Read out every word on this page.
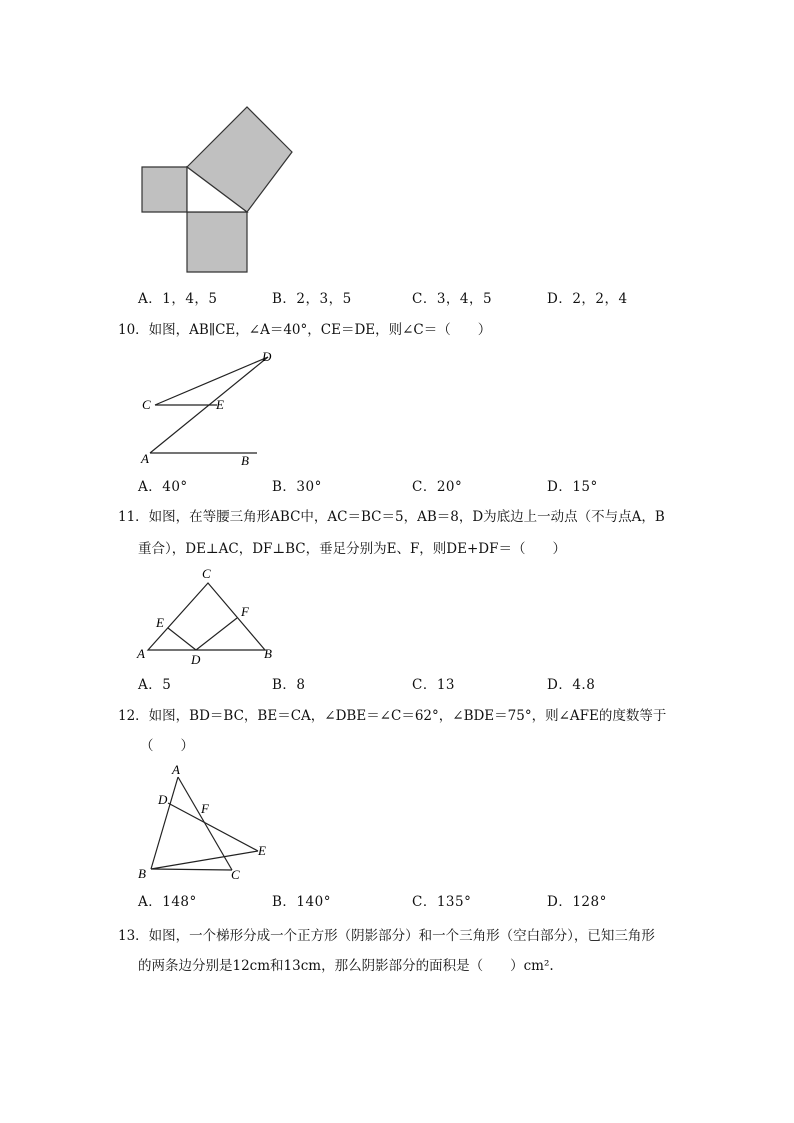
A．1，4，5	B．2，3，5	C．3，4，5	D．2，2，4
10．如图，AB∥CE，∠A＝40°，CE＝DE，则∠C＝（　　）
D
C	E
A	B
A．40°	B．30°	C．20°	D．15°
11．如图，在等腰三角形ABC中，AC＝BC＝5，AB＝8，D为底边上一动点（不与点A，B
重合），DE⊥AC，DF⊥BC，垂足分别为E、F，则DE+DF＝（　　）
C
F
E
A	D	B
A．5	B．8	C．13	D．4.8
12．如图，BD＝BC，BE＝CA，∠DBE＝∠C＝62°，∠BDE＝75°，则∠AFE的度数等于
（　　）
A
D
F
E
B	C
A．148°	B．140°	C．135°	D．128°
13．如图，一个梯形分成一个正方形（阴影部分）和一个三角形（空白部分），已知三角形
的两条边分别是12cm和13cm，那么阴影部分的面积是（　　）cm².
